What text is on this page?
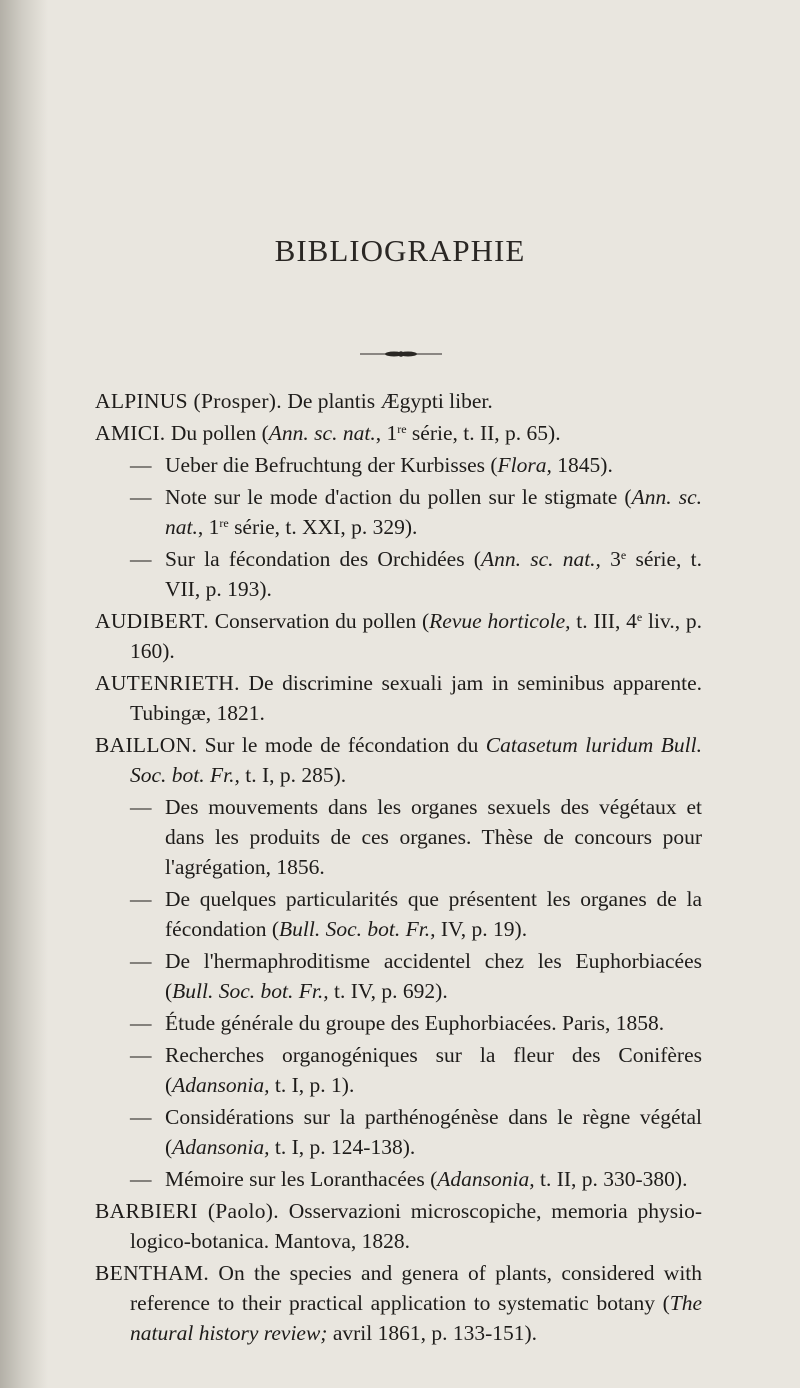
BIBLIOGRAPHIE
ALPINUS (Prosper). De plantis Ægypti liber.
AMICI. Du pollen (Ann. sc. nat., 1re série, t. II, p. 65).
— Ueber die Befruchtung der Kurbisses (Flora, 1845).
— Note sur le mode d'action du pollen sur le stigmate (Ann. sc. nat., 1re série, t. XXI, p. 329).
— Sur la fécondation des Orchidées (Ann. sc. nat., 3e série, t. VII, p. 193).
AUDIBERT. Conservation du pollen (Revue horticole, t. III, 4e liv., p. 160).
AUTENRIETH. De discrimine sexuali jam in seminibus apparente. Tubingæ, 1821.
BAILLON. Sur le mode de fécondation du Catasetum luridum Bull. Soc. bot. Fr., t. I, p. 285).
— Des mouvements dans les organes sexuels des végétaux et dans les produits de ces organes. Thèse de concours pour l'agrégation, 1856.
— De quelques particularités que présentent les organes de la fécondation (Bull. Soc. bot. Fr., IV, p. 19).
— De l'hermaphroditisme accidentel chez les Euphorbiacées (Bull. Soc. bot. Fr., t. IV, p. 692).
— Étude générale du groupe des Euphorbiacées. Paris, 1858.
— Recherches organogéniques sur la fleur des Conifères (Adansonia, t. I, p. 1).
— Considérations sur la parthénogénèse dans le règne végétal (Adansonia, t. I, p. 124-138).
— Mémoire sur les Loranthacées (Adansonia, t. II, p. 330-380).
BARBIERI (Paolo). Osservazioni microscopiche, memoria physio-logico-botanica. Mantova, 1828.
BENTHAM. On the species and genera of plants, considered with reference to their practical application to systematic botany (The natural history review; avril 1861, p. 133-151).
